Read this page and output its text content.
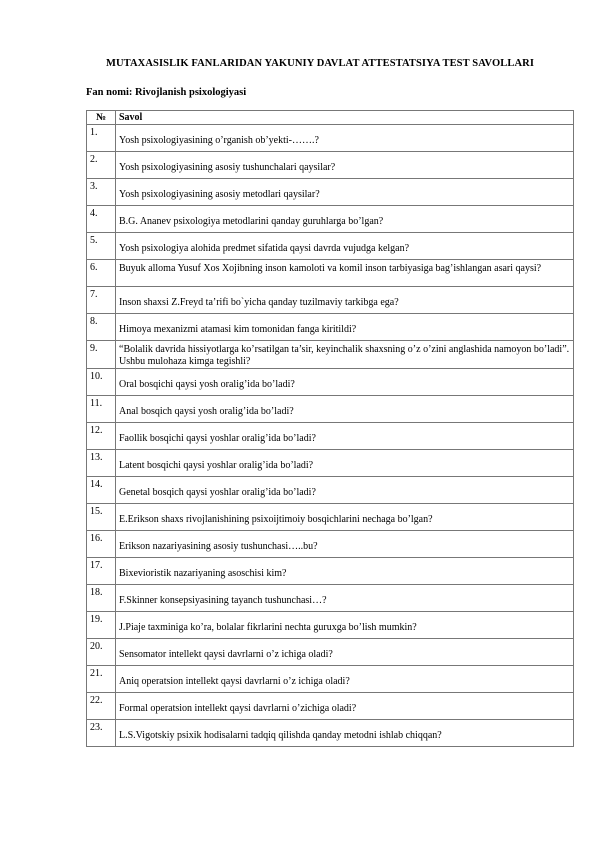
MUTAXASISLIK FANLARIDAN YAKUNIY DAVLAT ATTESTATSIYA TEST SAVOLLARI
Fan nomi: Rivojlanish psixologiyasi
№	Savol
1.	Yosh psixologiyasining o’rganish ob’yekti-…….?
2.	Yosh psixologiyasining asosiy tushunchalari qaysilar?
3.	Yosh psixologiyasining asosiy metodlari qaysilar?
4.	B.G. Ananev psixologiya metodlarini qanday guruhlarga bo’lgan?
5.	Yosh psixologiya alohida predmet sifatida qaysi davrda vujudga kelgan?
6.	Buyuk alloma Yusuf Xos Xojibning inson kamoloti va komil inson tarbiyasiga bag’ishlangan asari qaysi?
7.	Inson shaxsi Z.Freyd ta’rifi bo`yicha qanday tuzilmaviy tarkibga ega?
8.	Himoya mexanizmi atamasi kim tomonidan fanga kiritildi?
9.	“Bolalik davrida hissiyotlarga ko’rsatilgan ta’sir, keyinchalik shaxsning o’z o’zini anglashida namoyon bo’ladi”. Ushbu mulohaza kimga tegishli?
10.	Oral bosqichi qaysi yosh oralig’ida bo’ladi?
11.	Anal bosqich qaysi yosh oralig’ida bo’ladi?
12.	Faollik bosqichi qaysi yoshlar oralig’ida bo’ladi?
13.	Latent bosqichi qaysi yoshlar oralig’ida bo’ladi?
14.	Genetal bosqich qaysi yoshlar oralig’ida bo’ladi?
15.	E.Erikson shaxs rivojlanishining psixoijtimoiy bosqichlarini nechaga bo’lgan?
16.	Erikson nazariyasining asosiy tushunchasi…..bu?
17.	Bixevioristik nazariyaning asoschisi kim?
18.	F.Skinner konsepsiyasining tayanch tushunchasi…?
19.	J.Piaje taxminiga ko’ra, bolalar fikrlarini nechta guruxga bo’lish mumkin?
20.	Sensomator intellekt qaysi davrlarni o’z ichiga oladi?
21.	Aniq operatsion intellekt qaysi davrlarni o’z ichiga oladi?
22.	Formal operatsion intellekt qaysi davrlarni o’zichiga oladi?
23.	L.S.Vigotskiy psixik hodisalarni tadqiq qilishda qanday metodni ishlab chiqqan?
